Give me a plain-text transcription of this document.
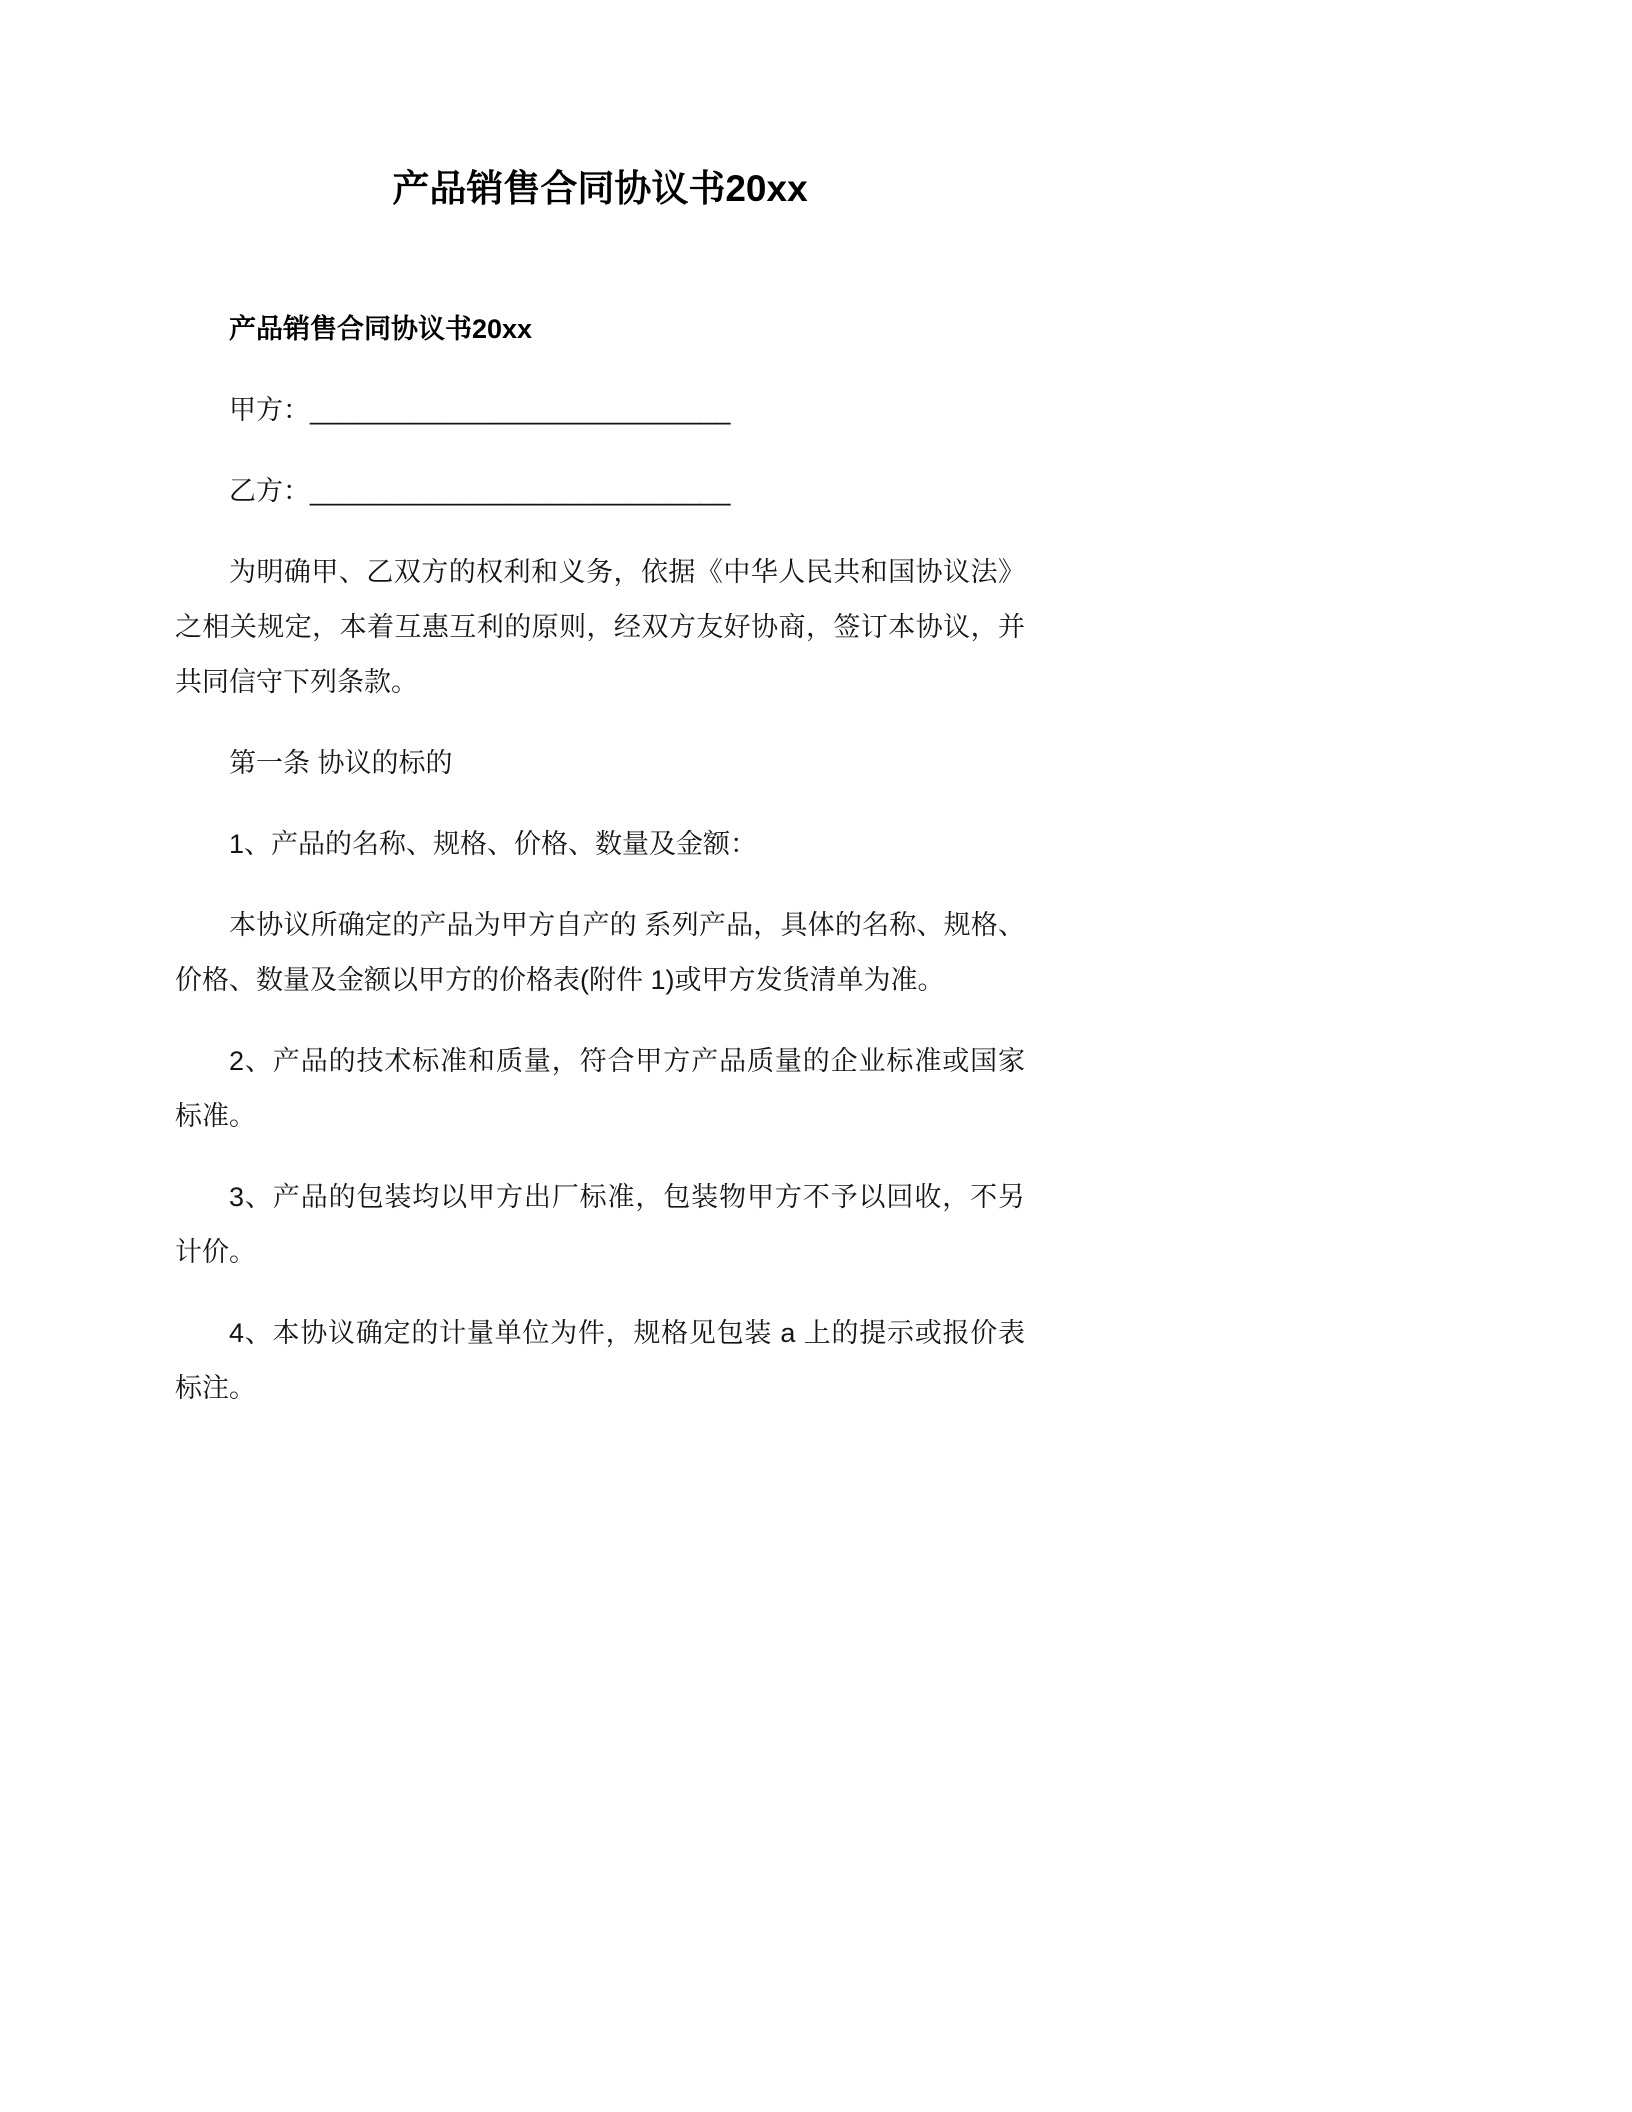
产品销售合同协议书20xx

产品销售合同协议书20xx

甲方：____________________________

乙方：____________________________

为明确甲、乙双方的权利和义务，依据《中华人民共和国协议法》之相关规定，本着互惠互利的原则，经双方友好协商，签订本协议，并共同信守下列条款。

第一条 协议的标的

1、产品的名称、规格、价格、数量及金额：

本协议所确定的产品为甲方自产的 系列产品，具体的名称、规格、价格、数量及金额以甲方的价格表(附件 1)或甲方发货清单为准。

2、产品的技术标准和质量，符合甲方产品质量的企业标准或国家标准。

3、产品的包装均以甲方出厂标准，包装物甲方不予以回收，不另计价。

4、本协议确定的计量单位为件，规格见包装 a 上的提示或报价表标注。
